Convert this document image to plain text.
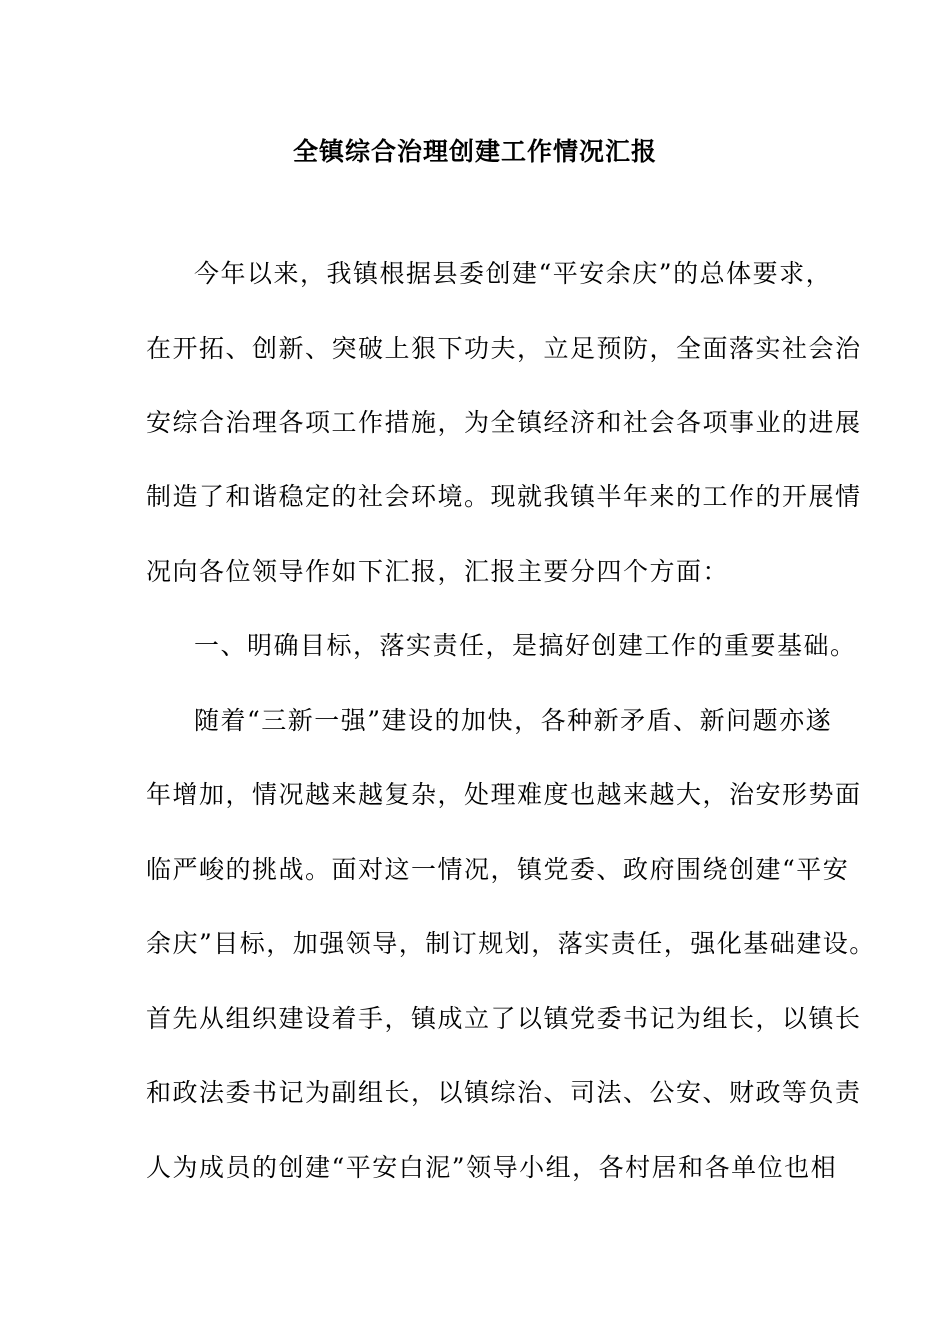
全镇综合治理创建工作情况汇报
今年以来，我镇根据县委创建“平安余庆”的总体要求，
在开拓、创新、突破上狠下功夫，立足预防，全面落实社会治
安综合治理各项工作措施，为全镇经济和社会各项事业的进展
制造了和谐稳定的社会环境。现就我镇半年来的工作的开展情
况向各位领导作如下汇报，汇报主要分四个方面：
一、明确目标，落实责任，是搞好创建工作的重要基础。
随着“三新一强”建设的加快，各种新矛盾、新问题亦遂
年增加，情况越来越复杂，处理难度也越来越大，治安形势面
临严峻的挑战。面对这一情况，镇党委、政府围绕创建“平安
余庆”目标，加强领导，制订规划，落实责任，强化基础建设。
首先从组织建设着手，镇成立了以镇党委书记为组长，以镇长
和政法委书记为副组长，以镇综治、司法、公安、财政等负责
人为成员的创建“平安白泥”领导小组，各村居和各单位也相
